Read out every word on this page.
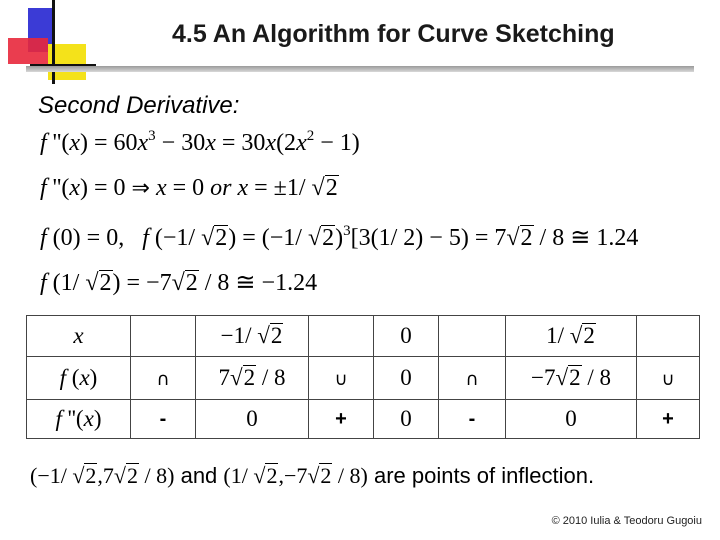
4.5 An Algorithm for Curve Sketching
Second Derivative:
f ''$(x) = 60x^3 - 30x = 30x(2x^2 - 1)$
f ''(x) = 0 ⇒ x = 0 or x = ±1/ √2
f (0) = 0,   f (−1/ √2) = (−1/ √2)$^3$[3(1/ 2) − 5) = 7√2 / 8 ≅ 1.24
f (1/ √2) = −7√2 / 8 ≅ −1.24
x		−1/ √2		0		1/ √2	
f (x)	∩	7√2 / 8	∪	0	∩	−7√2 / 8	∪
f ''(x)	-	0	+	0	-	0	+
(−1/ √2,7√2 / 8) and (1/ √2,−7√2 / 8) are points of inflection.
© 2010 Iulia & Teodoru Gugoiu
